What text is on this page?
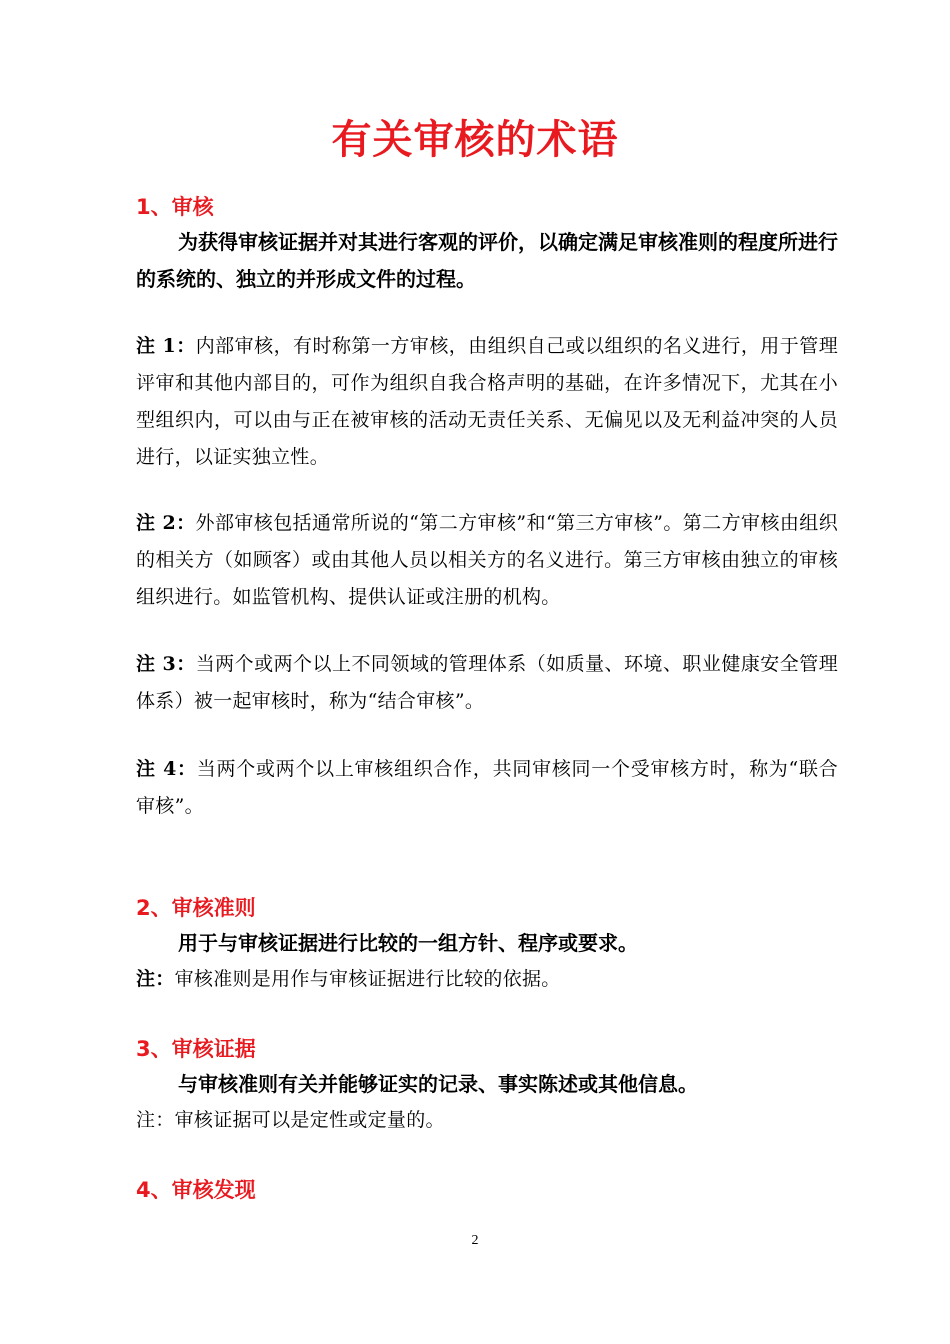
有关审核的术语
1、审核
为获得审核证据并对其进行客观的评价，以确定满足审核准则的程度所进行的系统的、独立的并形成文件的过程。
注 1：内部审核，有时称第一方审核，由组织自己或以组织的名义进行，用于管理评审和其他内部目的，可作为组织自我合格声明的基础，在许多情况下，尤其在小型组织内，可以由与正在被审核的活动无责任关系、无偏见以及无利益冲突的人员进行，以证实独立性。
注 2：外部审核包括通常所说的“第二方审核”和“第三方审核”。第二方审核由组织的相关方（如顾客）或由其他人员以相关方的名义进行。第三方审核由独立的审核组织进行。如监管机构、提供认证或注册的机构。
注 3：当两个或两个以上不同领域的管理体系（如质量、环境、职业健康安全管理体系）被一起审核时，称为“结合审核”。
注 4：当两个或两个以上审核组织合作，共同审核同一个受审核方时，称为“联合审核”。
2、审核准则
用于与审核证据进行比较的一组方针、程序或要求。
注：审核准则是用作与审核证据进行比较的依据。
3、审核证据
与审核准则有关并能够证实的记录、事实陈述或其他信息。
注：审核证据可以是定性或定量的。
4、审核发现
2
